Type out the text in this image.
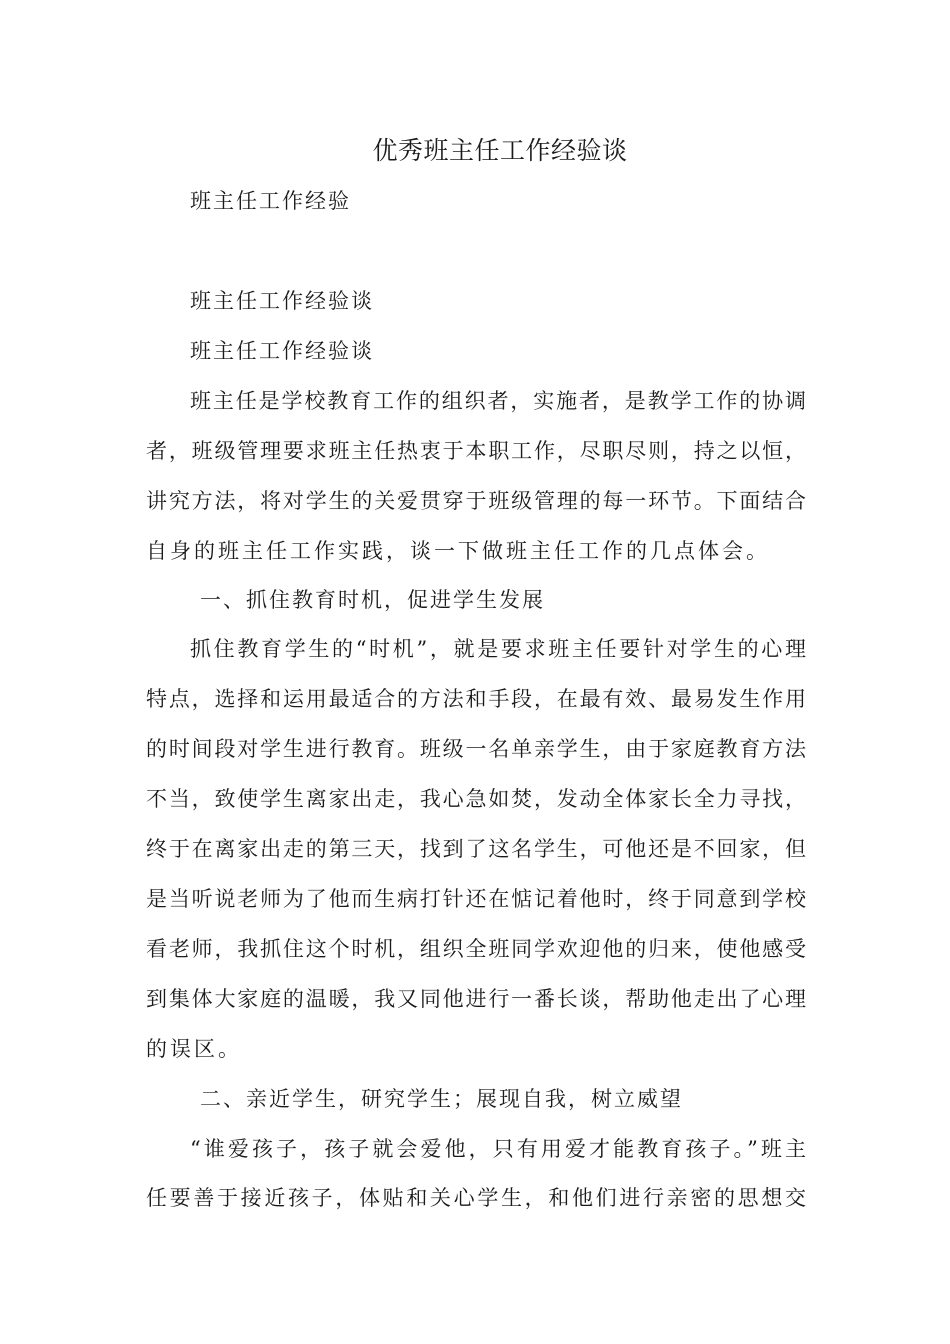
优秀班主任工作经验谈
班主任工作经验
班主任工作经验谈
班主任工作经验谈
班主任是学校教育工作的组织者，实施者，是教学工作的协调
者，班级管理要求班主任热衷于本职工作，尽职尽则，持之以恒，
讲究方法，将对学生的关爱贯穿于班级管理的每一环节。下面结合
自身的班主任工作实践，谈一下做班主任工作的几点体会。
一、抓住教育时机，促进学生发展
抓住教育学生的“时机”，就是要求班主任要针对学生的心理
特点，选择和运用最适合的方法和手段，在最有效、最易发生作用
的时间段对学生进行教育。班级一名单亲学生，由于家庭教育方法
不当，致使学生离家出走，我心急如焚，发动全体家长全力寻找，
终于在离家出走的第三天，找到了这名学生，可他还是不回家，但
是当听说老师为了他而生病打针还在惦记着他时，终于同意到学校
看老师，我抓住这个时机，组织全班同学欢迎他的归来，使他感受
到集体大家庭的温暖，我又同他进行一番长谈，帮助他走出了心理
的误区。
二、亲近学生，研究学生；展现自我，树立威望
“谁爱孩子，孩子就会爱他，只有用爱才能教育孩子。”班主
任要善于接近孩子，体贴和关心学生，和他们进行亲密的思想交
